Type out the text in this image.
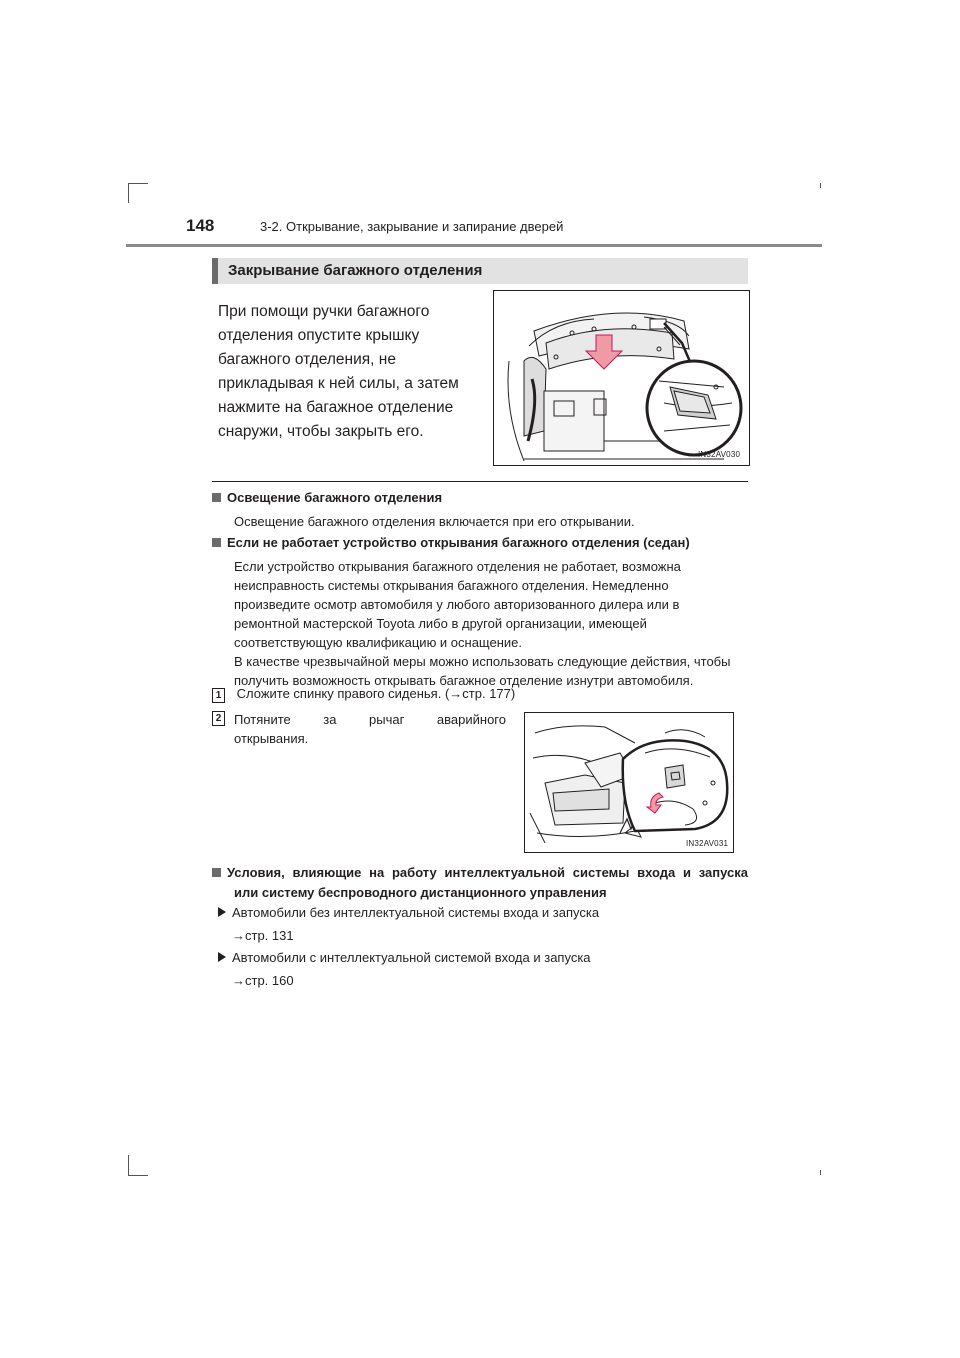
148	3-2. Открывание, закрывание и запирание дверей
Закрывание багажного отделения
При помощи ручки багажного
отделения опустите крышку
багажного отделения, не
прикладывая к ней силы, а затем
нажмите на багажное отделение
снаружи, чтобы закрыть его.
IN32AV030
Освещение багажного отделения
Освещение багажного отделения включается при его открывании.
Если не работает устройство открывания багажного отделения (седан)
Если устройство открывания багажного отделения не работает, возможна
неисправность системы открывания багажного отделения. Немедленно
произведите осмотр автомобиля у любого авторизованного дилера или в
ремонтной мастерской Toyota либо в другой организации, имеющей
соответствующую квалификацию и оснащение.
В качестве чрезвычайной меры можно использовать следующие действия, чтобы
получить возможность открывать багажное отделение изнутри автомобиля.
1 Сложите спинку правого сиденья. (→стр. 177)
2 Потяните за рычаг аварийного
открывания.
IN32AV031
Условия, влияющие на работу интеллектуальной системы входа и запуска
или систему беспроводного дистанционного управления
Автомобили без интеллектуальной системы входа и запуска
→стр. 131
Автомобили с интеллектуальной системой входа и запуска
→стр. 160
